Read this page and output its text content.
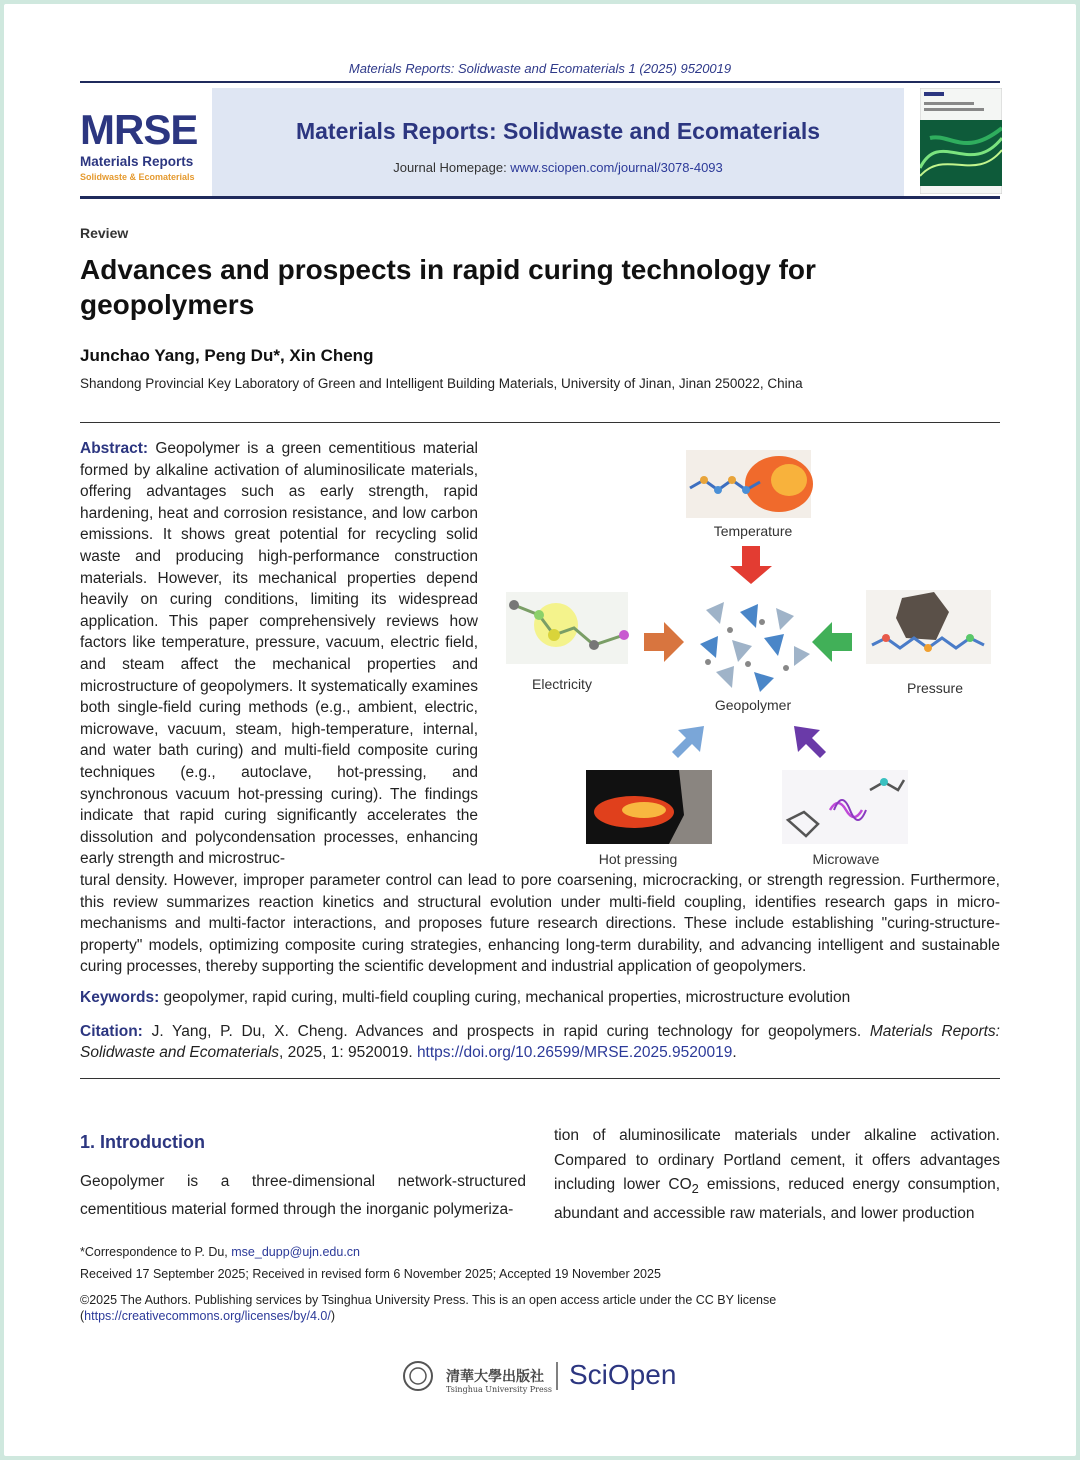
Materials Reports: Solidwaste and Ecomaterials 1 (2025) 9520019
MRSE
Materials Reports
Solidwaste & Ecomaterials
Materials Reports: Solidwaste and Ecomaterials
Journal Homepage: www.sciopen.com/journal/3078-4093
Review
Advances and prospects in rapid curing technology for geopolymers
Junchao Yang, Peng Du*, Xin Cheng
Shandong Provincial Key Laboratory of Green and Intelligent Building Materials, University of Jinan, Jinan 250022, China
Abstract: Geopolymer is a green cementitious material formed by alkaline activation of aluminosilicate materials, offering advantages such as early strength, rapid hardening, heat and corrosion resistance, and low carbon emissions. It shows great potential for recycling solid waste and producing high-performance construction materials. However, its mechanical properties depend heavily on curing conditions, limiting its widespread application. This paper comprehensively reviews how factors like temperature, pressure, vacuum, electric field, and steam affect the mechanical properties and microstructure of geopolymers. It systematically examines both single-field curing methods (e.g., ambient, electric, microwave, vacuum, steam, high-temperature, internal, and water bath curing) and multi-field composite curing techniques (e.g., autoclave, hot-pressing, and synchronous vacuum hot-pressing curing). The findings indicate that rapid curing significantly accelerates the dissolution and polycondensation processes, enhancing early strength and microstruc-
Temperature
Electricity	Pressure
Geopolymer
Hot pressing	Microwave
tural density. However, improper parameter control can lead to pore coarsening, microcracking, or strength regression. Furthermore, this review summarizes reaction kinetics and structural evolution under multi-field coupling, identifies research gaps in micro-mechanisms and multi-factor interactions, and proposes future research directions. These include establishing "curing-structure-property" models, optimizing composite curing strategies, enhancing long-term durability, and advancing intelligent and sustainable curing processes, thereby supporting the scientific development and industrial application of geopolymers.
Keywords: geopolymer, rapid curing, multi-field coupling curing, mechanical properties, microstructure evolution
Citation: J. Yang, P. Du, X. Cheng. Advances and prospects in rapid curing technology for geopolymers. Materials Reports: Solidwaste and Ecomaterials, 2025, 1: 9520019. https://doi.org/10.26599/MRSE.2025.9520019.
1. Introduction
Geopolymer is a three-dimensional network-structured cementitious material formed through the inorganic polymeriza-
tion of aluminosilicate materials under alkaline activation. Compared to ordinary Portland cement, it offers advantages including lower $CO_2$ emissions, reduced energy consumption, abundant and accessible raw materials, and lower production
*Correspondence to P. Du, mse_dupp@ujn.edu.cn
Received 17 September 2025; Received in revised form 6 November 2025; Accepted 19 November 2025
©2025 The Authors. Publishing services by Tsinghua University Press. This is an open access article under the CC BY license (https://creativecommons.org/licenses/by/4.0/)
清華大學出版社
Tsinghua University Press SciOpen
